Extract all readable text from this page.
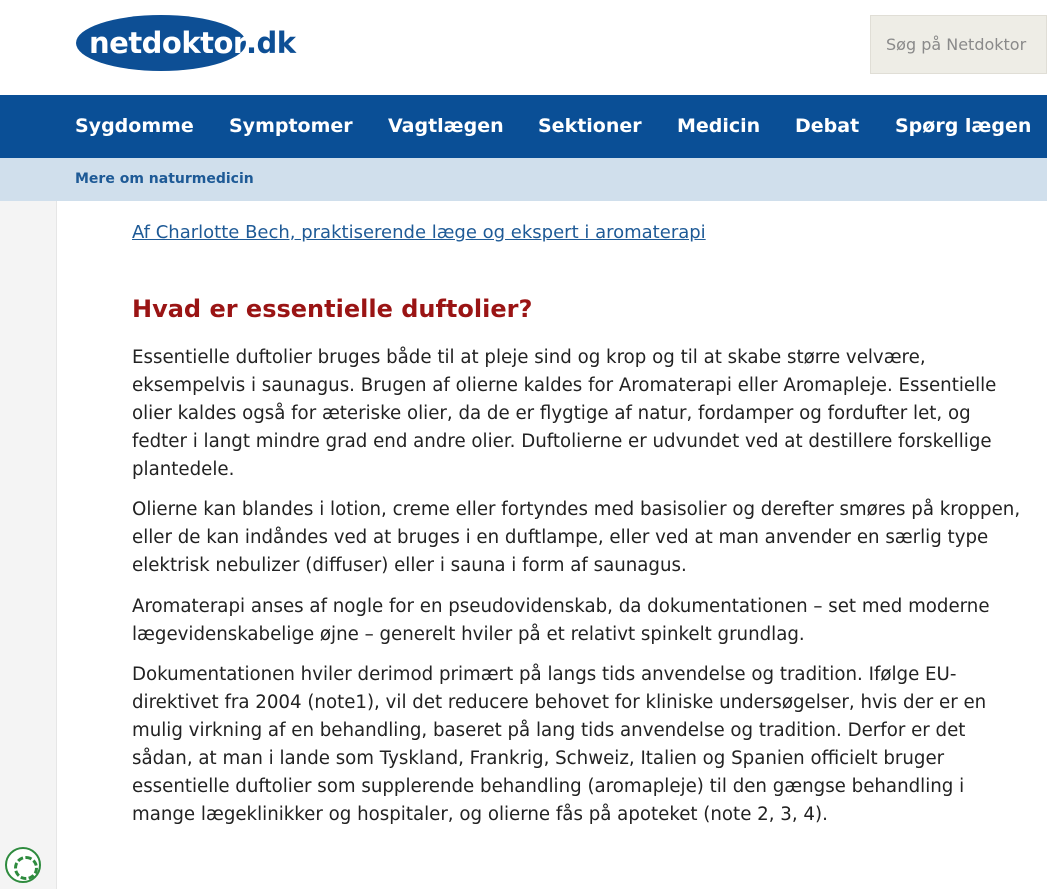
netdoktor .dk	Søg på Netdoktor
Sygdomme Symptomer Vagtlægen Sektioner Medicin Debat Spørg lægen
Mere om naturmedicin
Af Charlotte Bech, praktiserende læge og ekspert i aromaterapi
Hvad er essentielle duftolier?

Essentielle duftolier bruges både til at pleje sind og krop og til at skabe større velvære, eksempelvis i saunagus. Brugen af olierne kaldes for Aromaterapi eller Aromapleje. Essentielle olier kaldes også for æteriske olier, da de er flygtige af natur, fordamper og fordufter let, og fedter i langt mindre grad end andre olier. Duftolierne er udvundet ved at destillere forskellige plantedele.

Olierne kan blandes i lotion, creme eller fortyndes med basisolier og derefter smøres på kroppen, eller de kan indåndes ved at bruges i en duftlampe, eller ved at man anvender en særlig type elektrisk nebulizer (diffuser) eller i sauna i form af saunagus.

Aromaterapi anses af nogle for en pseudovidenskab, da dokumentationen – set med moderne lægevidenskabelige øjne – generelt hviler på et relativt spinkelt grundlag.

Dokumentationen hviler derimod primært på langs tids anvendelse og tradition. Ifølge EU-direktivet fra 2004 (note1), vil det reducere behovet for kliniske undersøgelser, hvis der er en mulig virkning af en behandling, baseret på lang tids anvendelse og tradition. Derfor er det sådan, at man i lande som Tyskland, Frankrig, Schweiz, Italien og Spanien officielt bruger essentielle duftolier som supplerende behandling (aromapleje) til den gængse behandling i mange lægeklinikker og hospitaler, og olierne fås på apoteket (note 2, 3, 4).
